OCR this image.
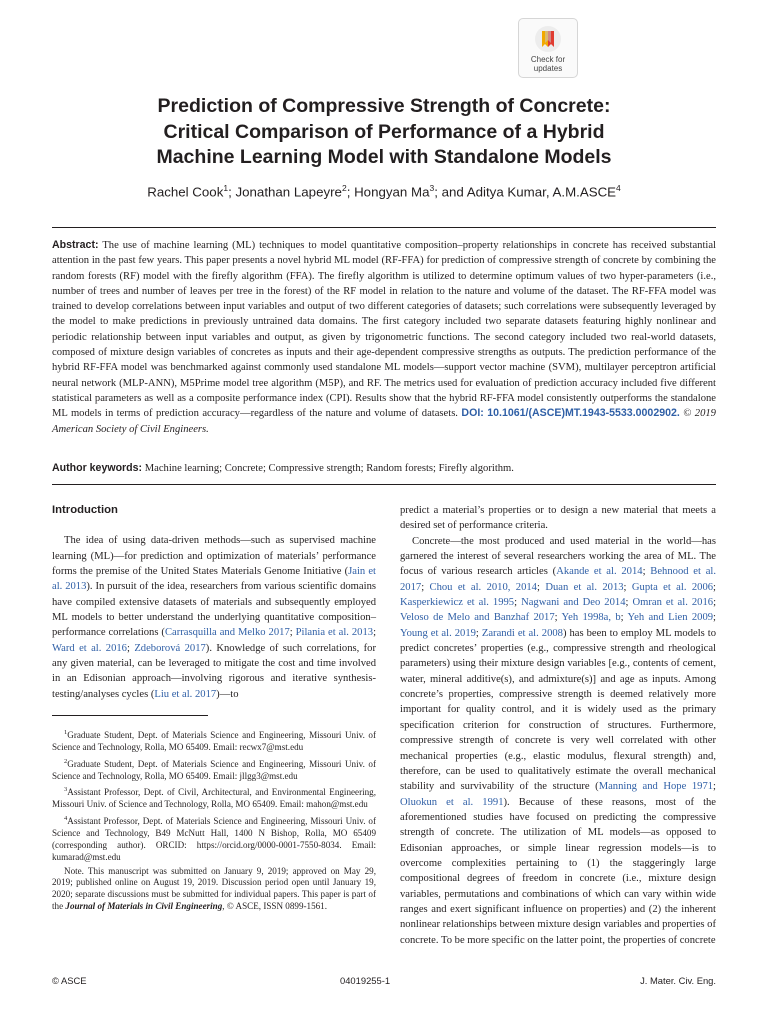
Check for
updates
Prediction of Compressive Strength of Concrete:
Critical Comparison of Performance of a Hybrid
Machine Learning Model with Standalone Models
Rachel Cook$^1$; Jonathan Lapeyre$^2$; Hongyan Ma$^3$; and Aditya Kumar, A.M.ASCE$^4$

Abstract: The use of machine learning (ML) techniques to model quantitative composition–property relationships in concrete has received substantial attention in the past few years. This paper presents a novel hybrid ML model (RF-FFA) for prediction of compressive strength of concrete by combining the random forests (RF) model with the firefly algorithm (FFA). The firefly algorithm is utilized to determine optimum values of two hyper-parameters (i.e., number of trees and number of leaves per tree in the forest) of the RF model in relation to the nature and volume of the dataset. The RF-FFA model was trained to develop correlations between input variables and output of two different categories of datasets; such correlations were subsequently leveraged by the model to make predictions in previously untrained data domains. The first category included two separate datasets featuring highly nonlinear and periodic relationship between input variables and output, as given by trigonometric functions. The second category included two real-world datasets, composed of mixture design variables of concretes as inputs and their age-dependent compressive strengths as outputs. The prediction performance of the hybrid RF-FFA model was benchmarked against commonly used standalone ML models—support vector machine (SVM), multilayer perceptron artificial neural network (MLP-ANN), M5Prime model tree algorithm (M5P), and RF. The metrics used for evaluation of prediction accuracy included five different statistical parameters as well as a composite performance index (CPI). Results show that the hybrid RF-FFA model consistently outperforms the standalone ML models in terms of prediction accuracy—regardless of the nature and volume of datasets. DOI: 10.1061/(ASCE)MT.1943-5533.0002902. © 2019 American Society of Civil Engineers.

Author keywords: Machine learning; Concrete; Compressive strength; Random forests; Firefly algorithm.

Introduction

The idea of using data-driven methods—such as supervised machine learning (ML)—for prediction and optimization of materials’ performance forms the premise of the United States Materials Genome Initiative (Jain et al. 2013). In pursuit of the idea, researchers from various scientific domains have compiled extensive datasets of materials and subsequently employed ML models to better understand the underlying quantitative composition–performance correlations (Carrasquilla and Melko 2017; Pilania et al. 2013; Ward et al. 2016; Zdeborová 2017). Knowledge of such correlations, for any given material, can be leveraged to mitigate the cost and time involved in an Edisonian approach—involving rigorous and iterative synthesis-testing/analyses cycles (Liu et al. 2017)—to

$^1$Graduate Student, Dept. of Materials Science and Engineering, Missouri Univ. of Science and Technology, Rolla, MO 65409. Email: recwx7@mst.edu

$^2$Graduate Student, Dept. of Materials Science and Engineering, Missouri Univ. of Science and Technology, Rolla, MO 65409. Email: jllgg3@mst.edu

$^3$Assistant Professor, Dept. of Civil, Architectural, and Environmental Engineering, Missouri Univ. of Science and Technology, Rolla, MO 65409. Email: mahon@mst.edu

$^4$Assistant Professor, Dept. of Materials Science and Engineering, Missouri Univ. of Science and Technology, B49 McNutt Hall, 1400 N Bishop, Rolla, MO 65409 (corresponding author). ORCID: https://orcid.org/0000-0001-7550-8034. Email: kumarad@mst.edu

Note. This manuscript was submitted on January 9, 2019; approved on May 29, 2019; published online on August 19, 2019. Discussion period open until January 19, 2020; separate discussions must be submitted for individual papers. This paper is part of the Journal of Materials in Civil Engineering, © ASCE, ISSN 0899-1561.

predict a material’s properties or to design a new material that meets a desired set of performance criteria.

Concrete—the most produced and used material in the world—has garnered the interest of several researchers working the area of ML. The focus of various research articles (Akande et al. 2014; Behnood et al. 2017; Chou et al. 2010, 2014; Duan et al. 2013; Gupta et al. 2006; Kasperkiewicz et al. 1995; Nagwani and Deo 2014; Omran et al. 2016; Veloso de Melo and Banzhaf 2017; Yeh 1998a, b; Yeh and Lien 2009; Young et al. 2019; Zarandi et al. 2008) has been to employ ML models to predict concretes’ properties (e.g., compressive strength and rheological parameters) using their mixture design variables [e.g., contents of cement, water, mineral additive(s), and admixture(s)] and age as inputs. Among concrete’s properties, compressive strength is deemed relatively more important for quality control, and it is widely used as the primary specification criterion for construction of structures. Furthermore, compressive strength of concrete is very well correlated with other mechanical properties (e.g., elastic modulus, flexural strength) and, therefore, can be used to qualitatively estimate the overall mechanical stability and survivability of the structure (Manning and Hope 1971; Oluokun et al. 1991). Because of these reasons, most of the aforementioned studies have focused on predicting the compressive strength of concrete. The utilization of ML models—as opposed to Edisonian approaches, or simple linear regression models—is to overcome complexities pertaining to (1) the staggeringly large compositional degrees of freedom in concrete (i.e., mixture design variables, permutations and combinations of which can vary within wide ranges and exert significant influence on properties) and (2) the inherent nonlinear relationships between mixture design variables and properties of concrete. To be more specific on the latter point, the properties of concrete

© ASCE	04019255-1	J. Mater. Civ. Eng.
